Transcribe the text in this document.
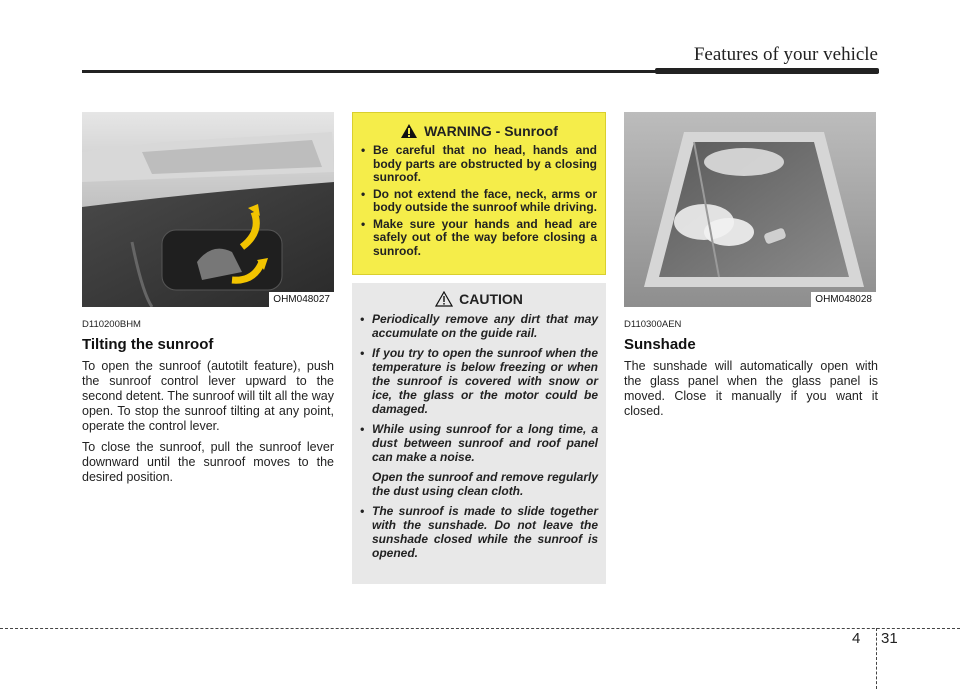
Features of your vehicle
OHM048027
D110200BHM
Tilting the sunroof

To open the sunroof (autotilt feature), push the sunroof control lever upward to the second detent. The sunroof will tilt all the way open. To stop the sunroof tilting at any point, operate the control lever.

To close the sunroof, pull the sunroof lever downward until the sunroof moves to the desired position.

WARNING - Sunroof
• Be careful that no head, hands and body parts are obstructed by a closing sunroof.
• Do not extend the face, neck, arms or body outside the sunroof while driving.
• Make sure your hands and head are safely out of the way before closing a sunroof.
CAUTION
• Periodically remove any dirt that may accumulate on the guide rail.
• If you try to open the sunroof when the temperature is below freezing or when the sunroof is covered with snow or ice, the glass or the motor could be damaged.
• While using sunroof for a long time, a dust between sunroof and roof panel can make a noise.
Open the sunroof and remove regularly the dust using clean cloth.
• The sunroof is made to slide together with the sunshade. Do not leave the sunshade closed while the sunroof is opened.
OHM048028
D110300AEN
Sunshade

The sunshade will automatically open with the glass panel when the glass panel is moved. Close it manually if you want it closed.

4 31
